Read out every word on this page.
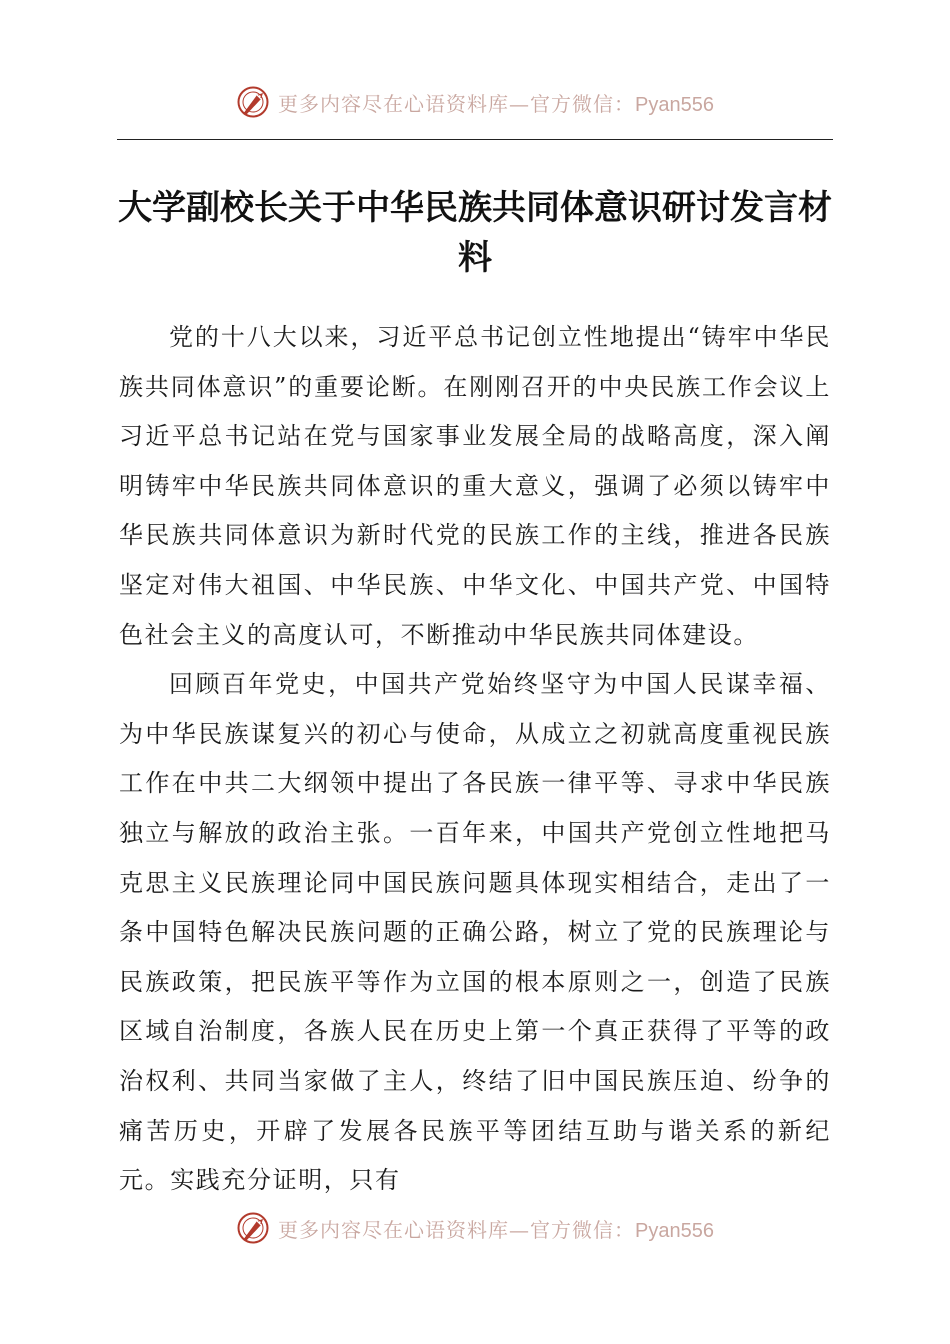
更多内容尽在心语资料库—官方微信：Pyan556
大学副校长关于中华民族共同体意识研讨发言材料

党的十八大以来，习近平总书记创立性地提出“铸牢中华民族共同体意识”的重要论断。在刚刚召开的中央民族工作会议上习近平总书记站在党与国家事业发展全局的战略高度，深入阐明铸牢中华民族共同体意识的重大意义，强调了必须以铸牢中华民族共同体意识为新时代党的民族工作的主线，推进各民族坚定对伟大祖国、中华民族、中华文化、中国共产党、中国特色社会主义的高度认可，不断推动中华民族共同体建设。

回顾百年党史，中国共产党始终坚守为中国人民谋幸福、为中华民族谋复兴的初心与使命，从成立之初就高度重视民族工作在中共二大纲领中提出了各民族一律平等、寻求中华民族独立与解放的政治主张。一百年来，中国共产党创立性地把马克思主义民族理论同中国民族问题具体现实相结合，走出了一条中国特色解决民族问题的正确公路，树立了党的民族理论与民族政策，把民族平等作为立国的根本原则之一，创造了民族区域自治制度，各族人民在历史上第一个真正获得了平等的政治权利、共同当家做了主人，终结了旧中国民族压迫、纷争的痛苦历史，开辟了发展各民族平等团结互助与谐关系的新纪元。实践充分证明，只有

更多内容尽在心语资料库—官方微信：Pyan556
